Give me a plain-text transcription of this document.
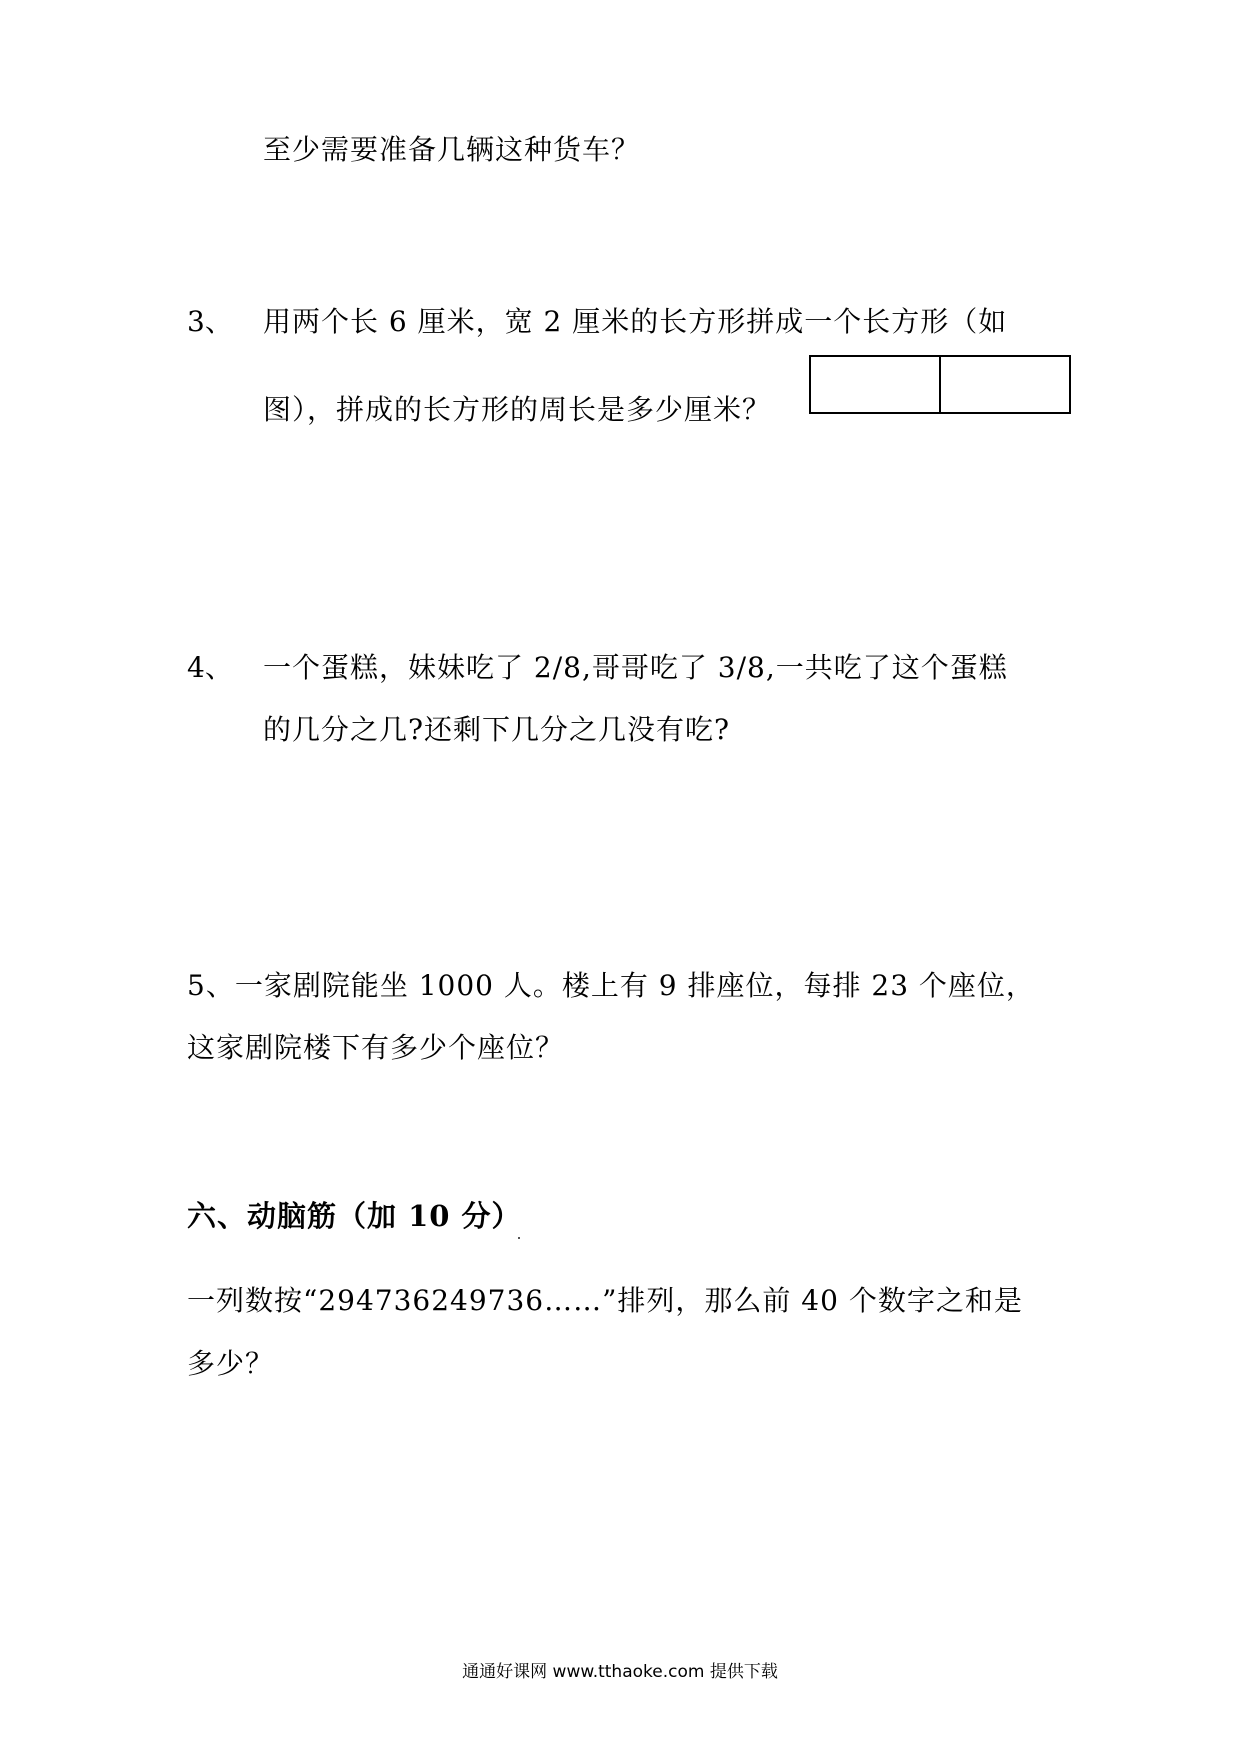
至少需要准备几辆这种货车？
3、 用两个长 6 厘米，宽 2 厘米的长方形拼成一个长方形（如
图），拼成的长方形的周长是多少厘米？
4、 一个蛋糕，妹妹吃了 2/8,哥哥吃了 3/8,一共吃了这个蛋糕
的几分之几?还剩下几分之几没有吃?
5、一家剧院能坐 1000 人。楼上有 9 排座位，每排 23 个座位，
这家剧院楼下有多少个座位？
六、动脑筋（加 10 分）
一列数按“294736249736……”排列，那么前 40 个数字之和是
多少？
通通好课网 www.tthaoke.com 提供下载
